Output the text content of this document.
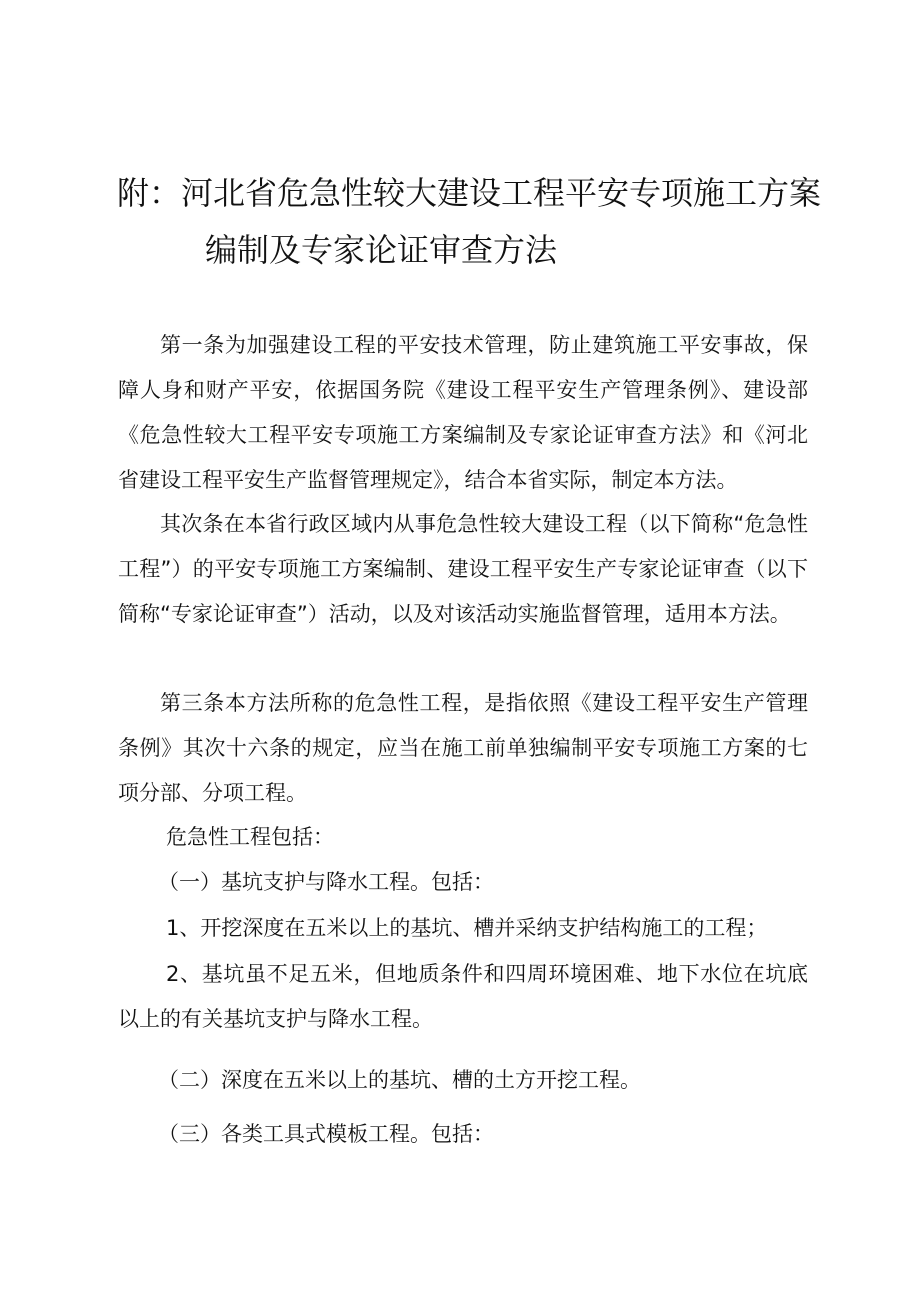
附：河北省危急性较大建设工程平安专项施工方案
编制及专家论证审查方法

第一条为加强建设工程的平安技术管理，防止建筑施工平安事故，保障人身和财产平安，依据国务院《建设工程平安生产管理条例》、建设部《危急性较大工程平安专项施工方案编制及专家论证审查方法》和《河北省建设工程平安生产监督管理规定》，结合本省实际，制定本方法。

其次条在本省行政区域内从事危急性较大建设工程（以下简称“危急性工程”）的平安专项施工方案编制、建设工程平安生产专家论证审查（以下简称“专家论证审查”）活动，以及对该活动实施监督管理，适用本方法。

第三条本方法所称的危急性工程，是指依照《建设工程平安生产管理条例》其次十六条的规定，应当在施工前单独编制平安专项施工方案的七项分部、分项工程。

危急性工程包括：

（一）基坑支护与降水工程。包括：

1、开挖深度在五米以上的基坑、槽并采纳支护结构施工的工程；

2、基坑虽不足五米，但地质条件和四周环境困难、地下水位在坑底以上的有关基坑支护与降水工程。

（二）深度在五米以上的基坑、槽的土方开挖工程。

（三）各类工具式模板工程。包括：
